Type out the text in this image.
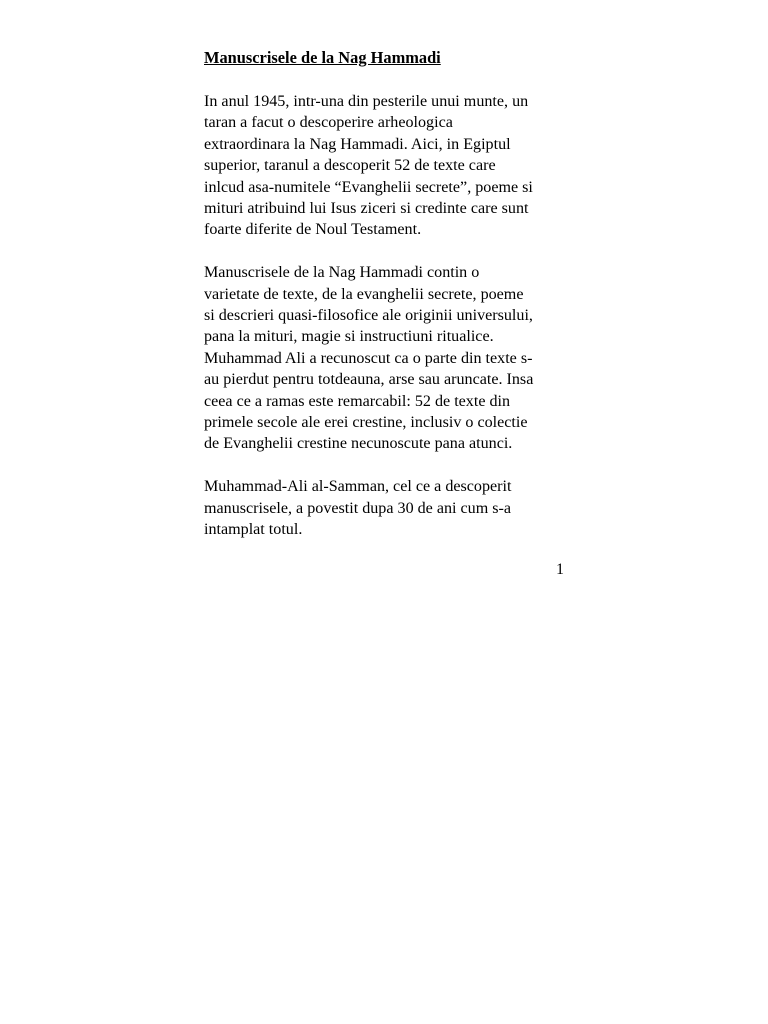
Manuscrisele de la Nag Hammadi
In anul 1945, intr-una din pesterile unui munte, un
taran a facut o descoperire arheologica
extraordinara la Nag Hammadi. Aici, in Egiptul
superior, taranul a descoperit 52 de texte care
inlcud asa-numitele “Evanghelii secrete”, poeme si
mituri atribuind lui Isus ziceri si credinte care sunt
foarte diferite de Noul Testament.
Manuscrisele de la Nag Hammadi contin o
varietate de texte, de la evanghelii secrete, poeme
si descrieri quasi-filosofice ale originii universului,
pana la mituri, magie si instructiuni ritualice.
Muhammad Ali a recunoscut ca o parte din texte s-
au pierdut pentru totdeauna, arse sau aruncate. Insa
ceea ce a ramas este remarcabil: 52 de texte din
primele secole ale erei crestine, inclusiv o colectie
de Evanghelii crestine necunoscute pana atunci.
Muhammad-Ali al-Samman, cel ce a descoperit
manuscrisele, a povestit dupa 30 de ani cum s-a
intamplat totul.
1
